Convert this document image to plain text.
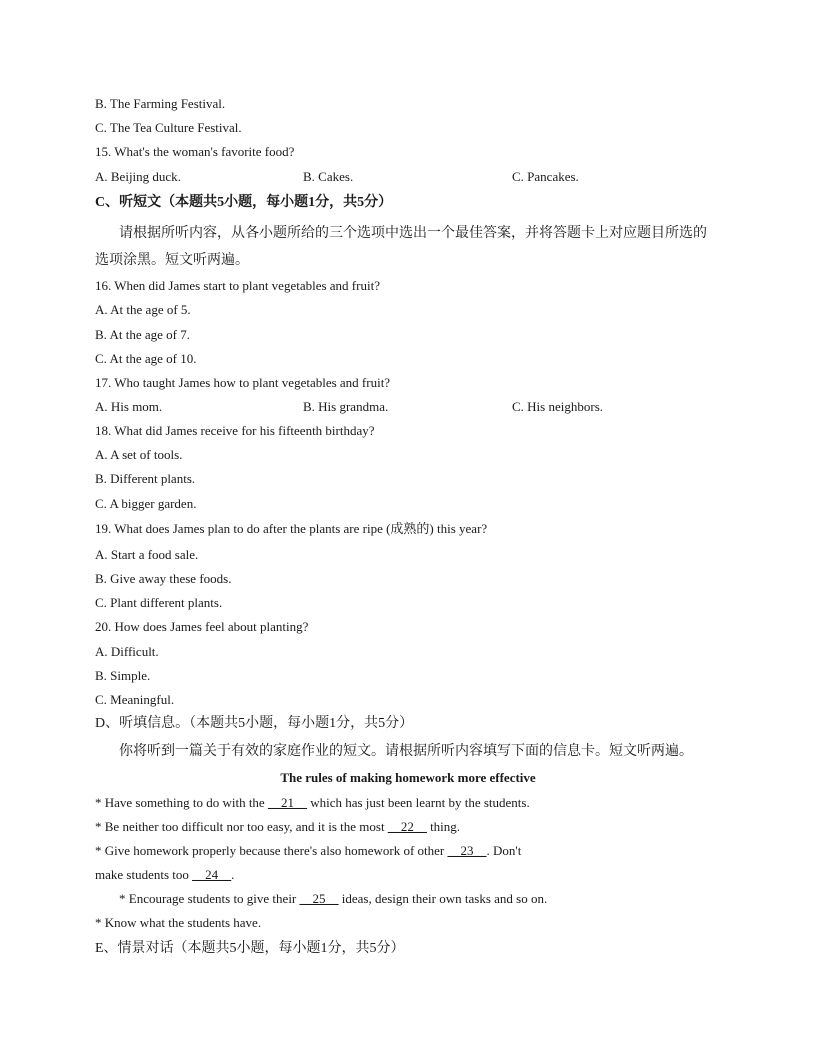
B. The Farming Festival.
C. The Tea Culture Festival.
15. What's the woman's favorite food?
A. Beijing duck.	B. Cakes.	C. Pancakes.
C、听短文（本题共5小题，每小题1分，共5分）
请根据所听内容，从各小题所给的三个选项中选出一个最佳答案，并将答题卡上对应题目所选的
选项涂黑。短文听两遍。
16. When did James start to plant vegetables and fruit?
A. At the age of 5.
B. At the age of 7.
C. At the age of 10.
17. Who taught James how to plant vegetables and fruit?
A. His mom.	B. His grandma.	C. His neighbors.
18. What did James receive for his fifteenth birthday?
A. A set of tools.
B. Different plants.
C. A bigger garden.
19. What does James plan to do after the plants are ripe (成熟的) this year?
A. Start a food sale.
B. Give away these foods.
C. Plant different plants.
20. How does James feel about planting?
A. Difficult.
B. Simple.
C. Meaningful.
D、听填信息。（本题共5小题，每小题1分，共5分）
你将听到一篇关于有效的家庭作业的短文。请根据所听内容填写下面的信息卡。短文听两遍。
The rules of making homework more effective
* Have something to do with the __21__ which has just been learnt by the students.
* Be neither too difficult nor too easy, and it is the most __22__ thing.
* Give homework properly because there's also homework of other __23__. Don't
make students too __24__.
* Encourage students to give their __25__ ideas, design their own tasks and so on.
* Know what the students have.
E、情景对话（本题共5小题，每小题1分，共5分）
